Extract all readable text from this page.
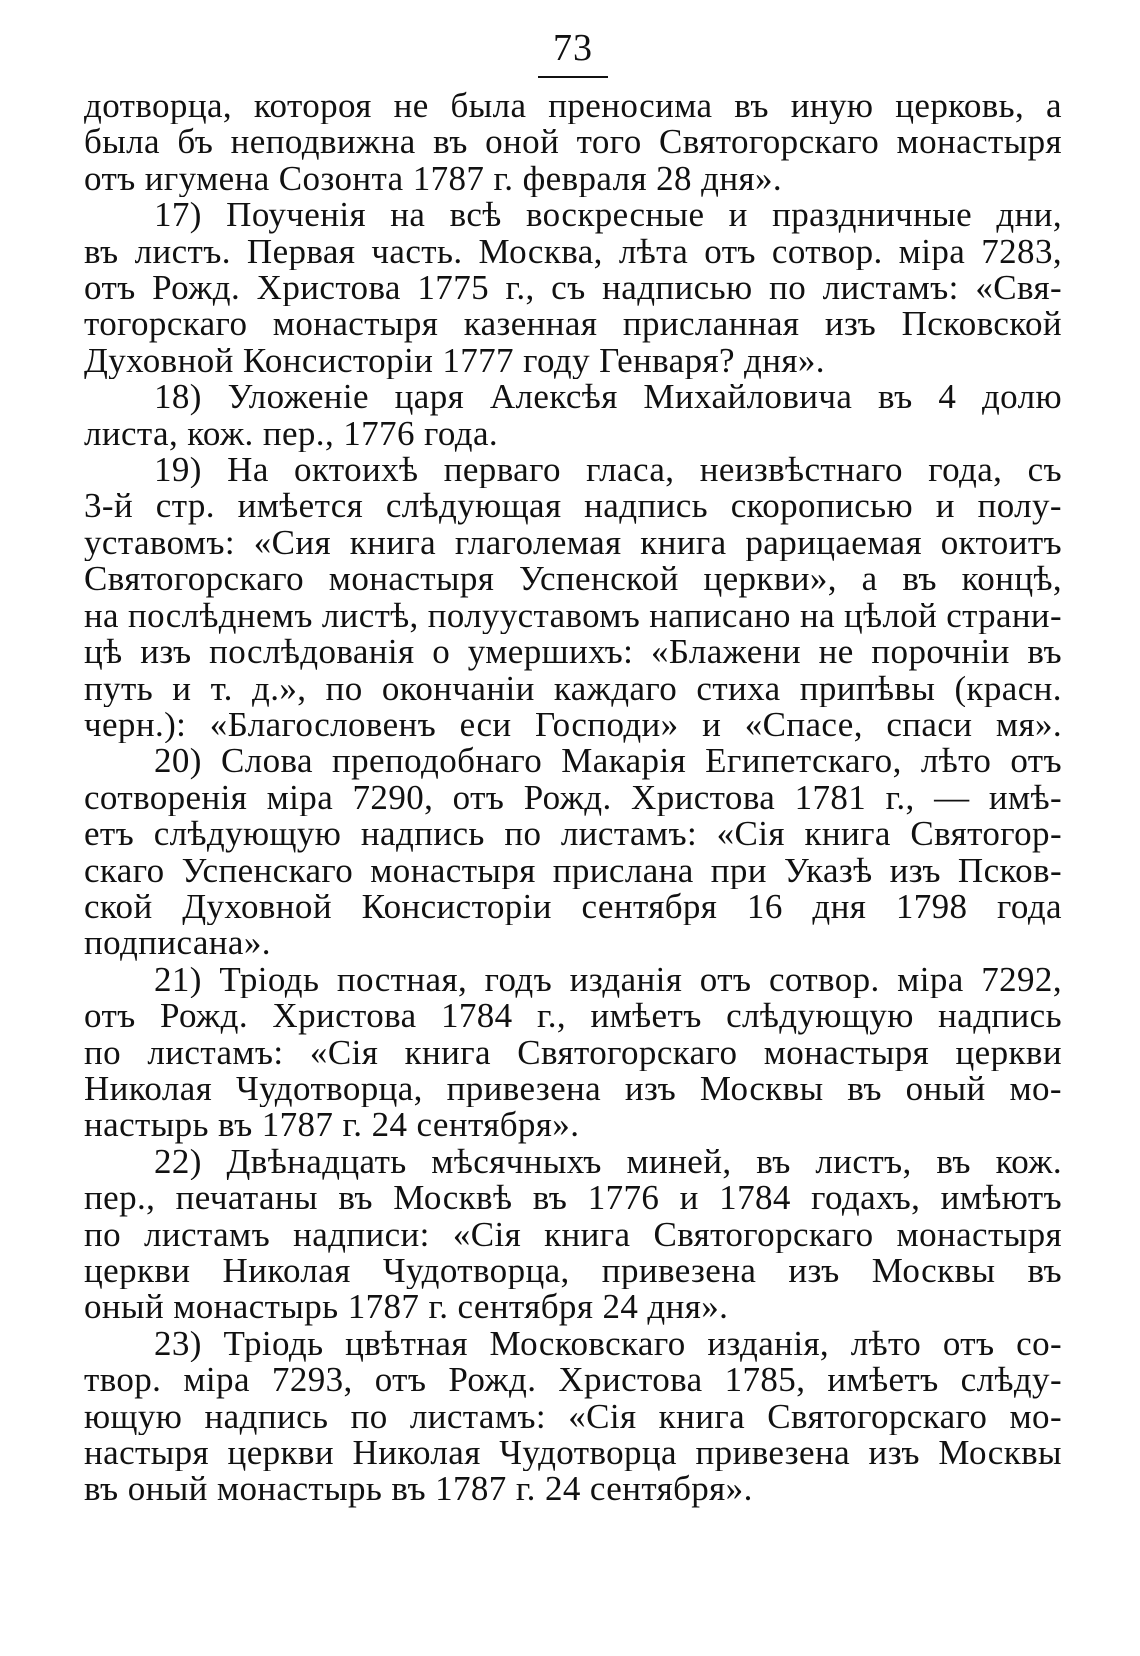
73
дотворца, котороя не была преносима въ иную церковь, а
была бъ неподвижна въ оной того Святогорскаго монастыря
отъ игумена Созонта 1787 г. февраля 28 дня».
17) Поученія на всѣ воскресные и праздничные дни,
въ листъ. Первая часть. Москва, лѣта отъ сотвор. міра 7283,
отъ Рожд. Христова 1775 г., съ надписью по листамъ: «Свя-
тогорскаго монастыря казенная присланная изъ Псковской
Духовной Консисторіи 1777 году Генваря? дня».
18) Уложеніе царя Алексѣя Михайловича въ 4 долю
листа, кож. пер., 1776 года.
19) На октоихѣ перваго гласа, неизвѣстнаго года, съ
3-й стр. имѣется слѣдующая надпись скорописью и полу-
уставомъ: «Сия книга глаголемая книга рарицаемая октоитъ
Святогорскаго монастыря Успенской церкви», а въ концѣ,
на послѣднемъ листѣ, полууставомъ написано на цѣлой страни-
цѣ изъ послѣдованія о умершихъ: «Блажени не порочніи въ
путь и т. д.», по окончаніи каждаго стиха припѣвы (красн.
черн.): «Благословенъ еси Господи» и «Спасе, спаси мя».
20) Слова преподобнаго Макарія Египетскаго, лѣто отъ
сотворенія міра 7290, отъ Рожд. Христова 1781 г., — имѣ-
етъ слѣдующую надпись по листамъ: «Сія книга Святогор-
скаго Успенскаго монастыря прислана при Указѣ изъ Псков-
ской Духовной Консисторіи сентября 16 дня 1798 года
подписана».
21) Тріодь постная, годъ изданія отъ сотвор. міра 7292,
отъ Рожд. Христова 1784 г., имѣетъ слѣдующую надпись
по листамъ: «Сія книга Святогорскаго монастыря церкви
Николая Чудотворца, привезена изъ Москвы въ оный мо-
настырь въ 1787 г. 24 сентября».
22) Двѣнадцать мѣсячныхъ миней, въ листъ, въ кож.
пер., печатаны въ Москвѣ въ 1776 и 1784 годахъ, имѣютъ
по листамъ надписи: «Сія книга Святогорскаго монастыря
церкви Николая Чудотворца, привезена изъ Москвы въ
оный монастырь 1787 г. сентября 24 дня».
23) Тріодь цвѣтная Московскаго изданія, лѣто отъ со-
твор. міра 7293, отъ Рожд. Христова 1785, имѣетъ слѣду-
ющую надпись по листамъ: «Сія книга Святогорскаго мо-
настыря церкви Николая Чудотворца привезена изъ Москвы
въ оный монастырь въ 1787 г. 24 сентября».
